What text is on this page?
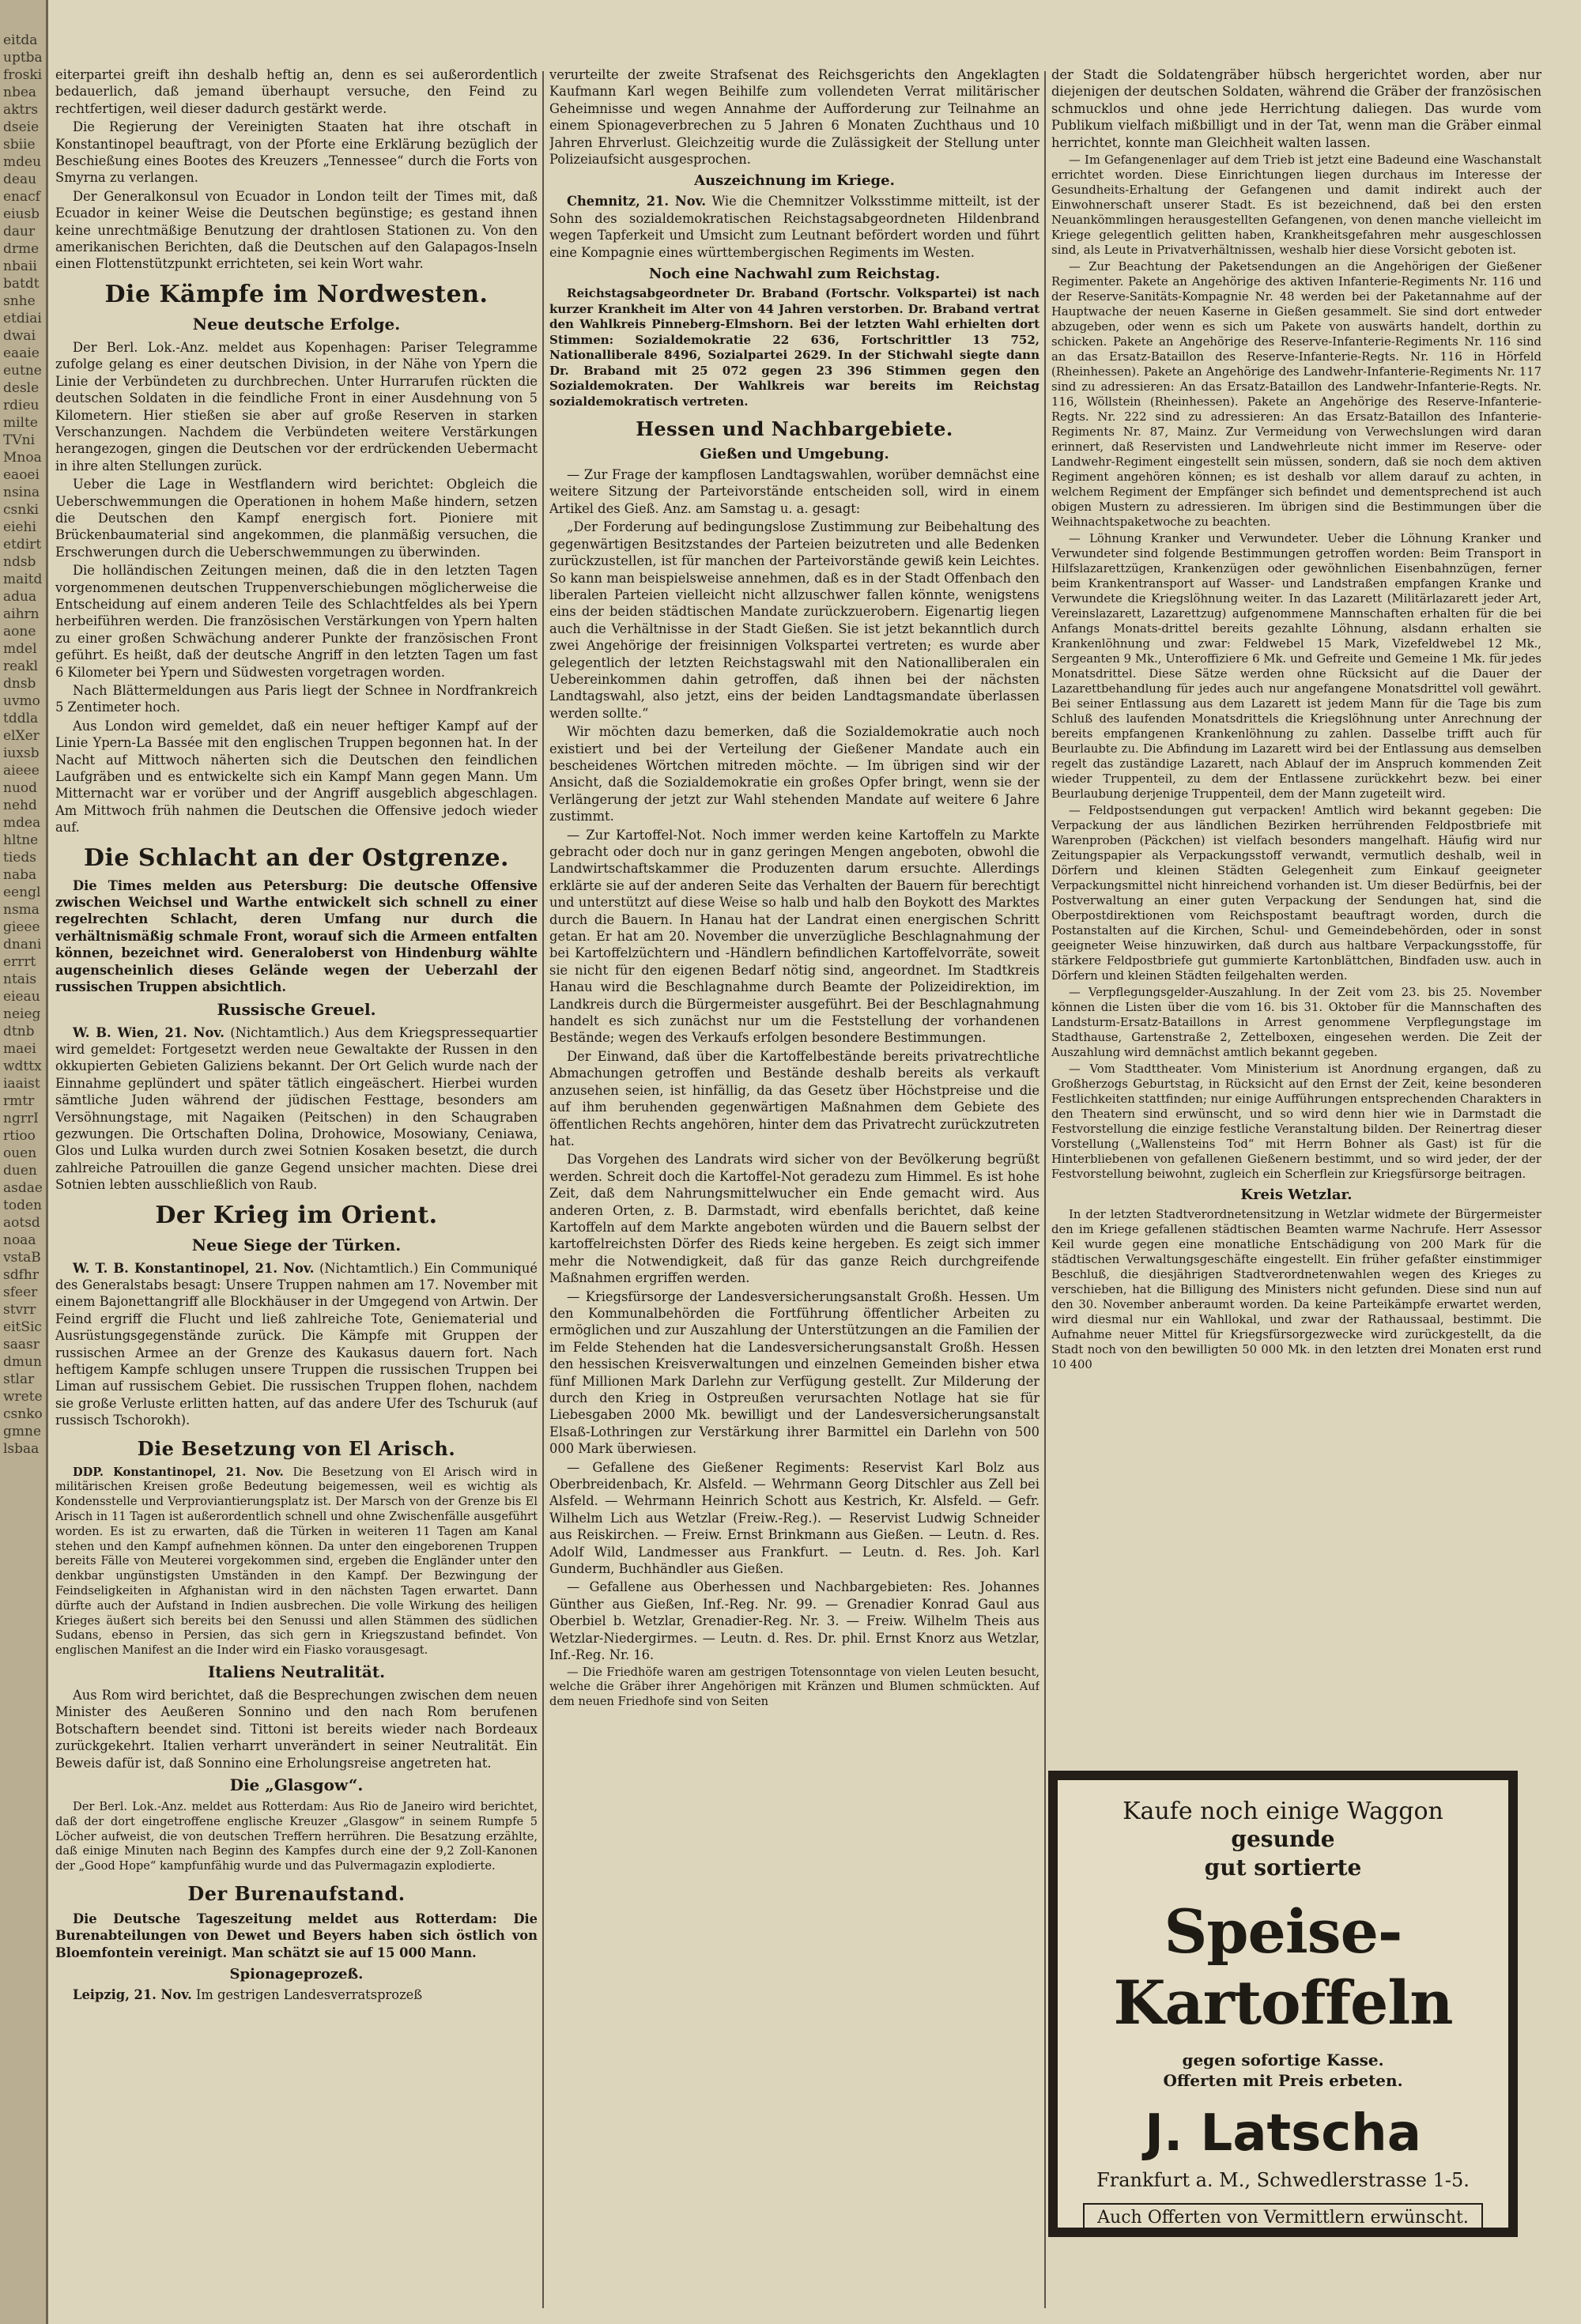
eitdauptbafroskinbeaaktrsdseiesbiiemdeudeauenacfeiusbdaurdrmenbaiibatdtsnheetdiaidwaieaaieeutnedeslerdieumilteTVniMnoaeaoeinsinacsnkieiehietdirtndsbmaitdaduaaihrnaonemdelreakldnsbuvmotddlaelXeriuxsbaieeenuodnehdmdeahltnetiedsnabaeenglnsmagieeednanierrrtntaiseieauneiegdtnbmaeiwdttxiaaistrmtrngrrIrtiooouenduenasdaetodenaotsdnoaavstaBsdfhrsfeerstvrreitSicsaasrdmunstlarwretecsnkogmnelsbaa

eiterpartei greift ihn deshalb heftig an, denn es sei außerordentlich bedauerlich, daß jemand überhaupt versuche, den Feind zu rechtfertigen, weil dieser dadurch gestärkt werde.

Die Regierung der Vereinigten Staaten hat ihre otschaft in Konstantinopel beauftragt, von der Pforte eine Erklärung bezüglich der Beschießung eines Bootes des Kreuzers „Tennessee“ durch die Forts von Smyrna zu verlangen.

Der Generalkonsul von Ecuador in London teilt der Times mit, daß Ecuador in keiner Weise die Deutschen begünstige; es gestand ihnen keine unrechtmäßige Benutzung der drahtlosen Stationen zu. Von den amerikanischen Berichten, daß die Deutschen auf den Galapagos-Inseln einen Flottenstützpunkt errichteten, sei kein Wort wahr.

Die Kämpfe im Nordwesten.
Neue deutsche Erfolge.

Der Berl. Lok.-Anz. meldet aus Kopenhagen: Pariser Telegramme zufolge gelang es einer deutschen Division, in der Nähe von Ypern die Linie der Verbündeten zu durchbrechen. Unter Hurrarufen rückten die deutschen Soldaten in die feindliche Front in einer Ausdehnung von 5 Kilometern. Hier stießen sie aber auf große Reserven in starken Verschanzungen. Nachdem die Verbündeten weitere Verstärkungen herangezogen, gingen die Deutschen vor der erdrückenden Uebermacht in ihre alten Stellungen zurück.

Ueber die Lage in Westflandern wird berichtet: Obgleich die Ueberschwemmungen die Operationen in hohem Maße hindern, setzen die Deutschen den Kampf energisch fort. Pioniere mit Brückenbaumaterial sind angekommen, die planmäßig versuchen, die Erschwerungen durch die Ueberschwemmungen zu überwinden.

Die holländischen Zeitungen meinen, daß die in den letzten Tagen vorgenommenen deutschen Truppenverschiebungen möglicherweise die Entscheidung auf einem anderen Teile des Schlachtfeldes als bei Ypern herbeiführen werden. Die französischen Verstärkungen von Ypern halten zu einer großen Schwächung anderer Punkte der französischen Front geführt. Es heißt, daß der deutsche Angriff in den letzten Tagen um fast 6 Kilometer bei Ypern und Südwesten vorgetragen worden.

Nach Blättermeldungen aus Paris liegt der Schnee in Nordfrankreich 5 Zentimeter hoch.

Aus London wird gemeldet, daß ein neuer heftiger Kampf auf der Linie Ypern-La Bassée mit den englischen Truppen begonnen hat. In der Nacht auf Mittwoch näherten sich die Deutschen den feindlichen Laufgräben und es entwickelte sich ein Kampf Mann gegen Mann. Um Mitternacht war er vorüber und der Angriff ausgeblich abgeschlagen. Am Mittwoch früh nahmen die Deutschen die Offensive jedoch wieder auf.

Die Schlacht an der Ostgrenze.

Die Times melden aus Petersburg: Die deutsche Offensive zwischen Weichsel und Warthe entwickelt sich schnell zu einer regelrechten Schlacht, deren Umfang nur durch die verhältnismäßig schmale Front, worauf sich die Armeen entfalten können, bezeichnet wird. Generaloberst von Hindenburg wählte augenscheinlich dieses Gelände wegen der Ueberzahl der russischen Truppen absichtlich.

Russische Greuel.

W. B. Wien, 21. Nov. (Nichtamtlich.) Aus dem Kriegspressequartier wird gemeldet: Fortgesetzt werden neue Gewaltakte der Russen in den okkupierten Gebieten Galiziens bekannt. Der Ort Gelich wurde nach der Einnahme geplündert und später tätlich eingeäschert. Hierbei wurden sämtliche Juden während der jüdischen Festtage, besonders am Versöhnungstage, mit Nagaiken (Peitschen) in den Schaugraben gezwungen. Die Ortschaften Dolina, Drohowice, Mosowiany, Ceniawa, Glos und Lulka wurden durch zwei Sotnien Kosaken besetzt, die durch zahlreiche Patrouillen die ganze Gegend unsicher machten. Diese drei Sotnien lebten ausschließlich von Raub.

Der Krieg im Orient.
Neue Siege der Türken.

W. T. B. Konstantinopel, 21. Nov. (Nichtamtlich.) Ein Communiqué des Generalstabs besagt: Unsere Truppen nahmen am 17. November mit einem Bajonettangriff alle Blockhäuser in der Umgegend von Artwin. Der Feind ergriff die Flucht und ließ zahlreiche Tote, Geniematerial und Ausrüstungsgegenstände zurück. Die Kämpfe mit Gruppen der russischen Armee an der Grenze des Kaukasus dauern fort. Nach heftigem Kampfe schlugen unsere Truppen die russischen Truppen bei Liman auf russischem Gebiet. Die russischen Truppen flohen, nachdem sie große Verluste erlitten hatten, auf das andere Ufer des Tschuruk (auf russisch Tschorokh).

Die Besetzung von El Arisch.

DDP. Konstantinopel, 21. Nov. Die Besetzung von El Arisch wird in militärischen Kreisen große Bedeutung beigemessen, weil es wichtig als Kondensstelle und Verproviantierungsplatz ist. Der Marsch von der Grenze bis El Arisch in 11 Tagen ist außerordentlich schnell und ohne Zwischenfälle ausgeführt worden. Es ist zu erwarten, daß die Türken in weiteren 11 Tagen am Kanal stehen und den Kampf aufnehmen können. Da unter den eingeborenen Truppen bereits Fälle von Meuterei vorgekommen sind, ergeben die Engländer unter den denkbar ungünstigsten Umständen in den Kampf. Der Bezwingung der Feindseligkeiten in Afghanistan wird in den nächsten Tagen erwartet. Dann dürfte auch der Aufstand in Indien ausbrechen. Die volle Wirkung des heiligen Krieges äußert sich bereits bei den Senussi und allen Stämmen des südlichen Sudans, ebenso in Persien, das sich gern in Kriegszustand befindet. Von englischen Manifest an die Inder wird ein Fiasko vorausgesagt.

Italiens Neutralität.

Aus Rom wird berichtet, daß die Besprechungen zwischen dem neuen Minister des Aeußeren Sonnino und den nach Rom berufenen Botschaftern beendet sind. Tittoni ist bereits wieder nach Bordeaux zurückgekehrt. Italien verharrt unverändert in seiner Neutralität. Ein Beweis dafür ist, daß Sonnino eine Erholungsreise angetreten hat.

Die „Glasgow“.

Der Berl. Lok.-Anz. meldet aus Rotterdam: Aus Rio de Janeiro wird berichtet, daß der dort eingetroffene englische Kreuzer „Glasgow“ in seinem Rumpfe 5 Löcher aufweist, die von deutschen Treffern herrühren. Die Besatzung erzählte, daß einige Minuten nach Beginn des Kampfes durch eine der 9,2 Zoll-Kanonen der „Good Hope“ kampfunfähig wurde und das Pulvermagazin explodierte.

Der Burenaufstand.

Die Deutsche Tageszeitung meldet aus Rotterdam: Die Burenabteilungen von Dewet und Beyers haben sich östlich von Bloemfontein vereinigt. Man schätzt sie auf 15 000 Mann.

Spionageprozeß.

Leipzig, 21. Nov. Im gestrigen Landesverratsprozeß

verurteilte der zweite Strafsenat des Reichsgerichts den Angeklagten Kaufmann Karl wegen Beihilfe zum vollendeten Verrat militärischer Geheimnisse und wegen Annahme der Aufforderung zur Teilnahme an einem Spionageverbrechen zu 5 Jahren 6 Monaten Zuchthaus und 10 Jahren Ehrverlust. Gleichzeitig wurde die Zulässigkeit der Stellung unter Polizeiaufsicht ausgesprochen.

Auszeichnung im Kriege.

Chemnitz, 21. Nov. Wie die Chemnitzer Volksstimme mitteilt, ist der Sohn des sozialdemokratischen Reichstagsabgeordneten Hildenbrand wegen Tapferkeit und Umsicht zum Leutnant befördert worden und führt eine Kompagnie eines württembergischen Regiments im Westen.

Noch eine Nachwahl zum Reichstag.

Reichstagsabgeordneter Dr. Braband (Fortschr. Volkspartei) ist nach kurzer Krankheit im Alter von 44 Jahren verstorben. Dr. Braband vertrat den Wahlkreis Pinneberg-Elmshorn. Bei der letzten Wahl erhielten dort Stimmen: Sozialdemokratie 22 636, Fortschrittler 13 752, Nationalliberale 8496, Sozialpartei 2629. In der Stichwahl siegte dann Dr. Braband mit 25 072 gegen 23 396 Stimmen gegen den Sozialdemokraten. Der Wahlkreis war bereits im Reichstag sozialdemokratisch vertreten.

Hessen und Nachbargebiete.
Gießen und Umgebung.

— Zur Frage der kampflosen Landtagswahlen, worüber demnächst eine weitere Sitzung der Parteivorstände entscheiden soll, wird in einem Artikel des Gieß. Anz. am Samstag u. a. gesagt:

„Der Forderung auf bedingungslose Zustimmung zur Beibehaltung des gegenwärtigen Besitzstandes der Parteien beizutreten und alle Bedenken zurückzustellen, ist für manchen der Parteivorstände gewiß kein Leichtes. So kann man beispielsweise annehmen, daß es in der Stadt Offenbach den liberalen Parteien vielleicht nicht allzuschwer fallen könnte, wenigstens eins der beiden städtischen Mandate zurückzuerobern. Eigenartig liegen auch die Verhältnisse in der Stadt Gießen. Sie ist jetzt bekanntlich durch zwei Angehörige der freisinnigen Volkspartei vertreten; es wurde aber gelegentlich der letzten Reichstagswahl mit den Nationalliberalen ein Uebereinkommen dahin getroffen, daß ihnen bei der nächsten Landtagswahl, also jetzt, eins der beiden Landtagsmandate überlassen werden sollte.“

Wir möchten dazu bemerken, daß die Sozialdemokratie auch noch existiert und bei der Verteilung der Gießener Mandate auch ein bescheidenes Wörtchen mitreden möchte. — Im übrigen sind wir der Ansicht, daß die Sozialdemokratie ein großes Opfer bringt, wenn sie der Verlängerung der jetzt zur Wahl stehenden Mandate auf weitere 6 Jahre zustimmt.

— Zur Kartoffel-Not. Noch immer werden keine Kartoffeln zu Markte gebracht oder doch nur in ganz geringen Mengen angeboten, obwohl die Landwirtschaftskammer die Produzenten darum ersuchte. Allerdings erklärte sie auf der anderen Seite das Verhalten der Bauern für berechtigt und unterstützt auf diese Weise so halb und halb den Boykott des Marktes durch die Bauern. In Hanau hat der Landrat einen energischen Schritt getan. Er hat am 20. November die unverzügliche Beschlagnahmung der bei Kartoffelzüchtern und -Händlern befindlichen Kartoffelvorräte, soweit sie nicht für den eigenen Bedarf nötig sind, angeordnet. Im Stadtkreis Hanau wird die Beschlagnahme durch Beamte der Polizeidirektion, im Landkreis durch die Bürgermeister ausgeführt. Bei der Beschlagnahmung handelt es sich zunächst nur um die Feststellung der vorhandenen Bestände; wegen des Verkaufs erfolgen besondere Bestimmungen.

Der Einwand, daß über die Kartoffelbestände bereits privatrechtliche Abmachungen getroffen und Bestände deshalb bereits als verkauft anzusehen seien, ist hinfällig, da das Gesetz über Höchstpreise und die auf ihm beruhenden gegenwärtigen Maßnahmen dem Gebiete des öffentlichen Rechts angehören, hinter dem das Privatrecht zurückzutreten hat.

Das Vorgehen des Landrats wird sicher von der Bevölkerung begrüßt werden. Schreit doch die Kartoffel-Not geradezu zum Himmel. Es ist hohe Zeit, daß dem Nahrungsmittelwucher ein Ende gemacht wird. Aus anderen Orten, z. B. Darmstadt, wird ebenfalls berichtet, daß keine Kartoffeln auf dem Markte angeboten würden und die Bauern selbst der kartoffelreichsten Dörfer des Rieds keine hergeben. Es zeigt sich immer mehr die Notwendigkeit, daß für das ganze Reich durchgreifende Maßnahmen ergriffen werden.

— Kriegsfürsorge der Landesversicherungsanstalt Großh. Hessen. Um den Kommunalbehörden die Fortführung öffentlicher Arbeiten zu ermöglichen und zur Auszahlung der Unterstützungen an die Familien der im Felde Stehenden hat die Landesversicherungsanstalt Großh. Hessen den hessischen Kreisverwaltungen und einzelnen Gemeinden bisher etwa fünf Millionen Mark Darlehn zur Verfügung gestellt. Zur Milderung der durch den Krieg in Ostpreußen verursachten Notlage hat sie für Liebesgaben 2000 Mk. bewilligt und der Landesversicherungsanstalt Elsaß-Lothringen zur Verstärkung ihrer Barmittel ein Darlehn von 500 000 Mark überwiesen.

— Gefallene des Gießener Regiments: Reservist Karl Bolz aus Oberbreidenbach, Kr. Alsfeld. — Wehrmann Georg Ditschler aus Zell bei Alsfeld. — Wehrmann Heinrich Schott aus Kestrich, Kr. Alsfeld. — Gefr. Wilhelm Lich aus Wetzlar (Freiw.-Reg.). — Reservist Ludwig Schneider aus Reiskirchen. — Freiw. Ernst Brinkmann aus Gießen. — Leutn. d. Res. Adolf Wild, Landmesser aus Frankfurt. — Leutn. d. Res. Joh. Karl Gunderm, Buchhändler aus Gießen.

— Gefallene aus Oberhessen und Nachbargebieten: Res. Johannes Günther aus Gießen, Inf.-Reg. Nr. 99. — Grenadier Konrad Gaul aus Oberbiel b. Wetzlar, Grenadier-Reg. Nr. 3. — Freiw. Wilhelm Theis aus Wetzlar-Niedergirmes. — Leutn. d. Res. Dr. phil. Ernst Knorz aus Wetzlar, Inf.-Reg. Nr. 16.

— Die Friedhöfe waren am gestrigen Totensonntage von vielen Leuten besucht, welche die Gräber ihrer Angehörigen mit Kränzen und Blumen schmückten. Auf dem neuen Friedhofe sind von Seiten

der Stadt die Soldatengräber hübsch hergerichtet worden, aber nur diejenigen der deutschen Soldaten, während die Gräber der französischen schmucklos und ohne jede Herrichtung daliegen. Das wurde vom Publikum vielfach mißbilligt und in der Tat, wenn man die Gräber einmal herrichtet, konnte man Gleichheit walten lassen.

— Im Gefangenenlager auf dem Trieb ist jetzt eine Badeund eine Waschanstalt errichtet worden. Diese Einrichtungen liegen durchaus im Interesse der Gesundheits-Erhaltung der Gefangenen und damit indirekt auch der Einwohnerschaft unserer Stadt. Es ist bezeichnend, daß bei den ersten Neuankömmlingen herausgestellten Gefangenen, von denen manche vielleicht im Kriege gelegentlich gelitten haben, Krankheitsgefahren mehr ausgeschlossen sind, als Leute in Privatverhältnissen, weshalb hier diese Vorsicht geboten ist.

— Zur Beachtung der Paketsendungen an die Angehörigen der Gießener Regimenter. Pakete an Angehörige des aktiven Infanterie-Regiments Nr. 116 und der Reserve-Sanitäts-Kompagnie Nr. 48 werden bei der Paketannahme auf der Hauptwache der neuen Kaserne in Gießen gesammelt. Sie sind dort entweder abzugeben, oder wenn es sich um Pakete von auswärts handelt, dorthin zu schicken. Pakete an Angehörige des Reserve-Infanterie-Regiments Nr. 116 sind an das Ersatz-Bataillon des Reserve-Infanterie-Regts. Nr. 116 in Hörfeld (Rheinhessen). Pakete an Angehörige des Landwehr-Infanterie-Regiments Nr. 117 sind zu adressieren: An das Ersatz-Bataillon des Landwehr-Infanterie-Regts. Nr. 116, Wöllstein (Rheinhessen). Pakete an Angehörige des Reserve-Infanterie-Regts. Nr. 222 sind zu adressieren: An das Ersatz-Bataillon des Infanterie-Regiments Nr. 87, Mainz. Zur Vermeidung von Verwechslungen wird daran erinnert, daß Reservisten und Landwehrleute nicht immer im Reserve- oder Landwehr-Regiment eingestellt sein müssen, sondern, daß sie noch dem aktiven Regiment angehören können; es ist deshalb vor allem darauf zu achten, in welchem Regiment der Empfänger sich befindet und dementsprechend ist auch obigen Mustern zu adressieren. Im übrigen sind die Bestimmungen über die Weihnachtspaketwoche zu beachten.

— Löhnung Kranker und Verwundeter. Ueber die Löhnung Kranker und Verwundeter sind folgende Bestimmungen getroffen worden: Beim Transport in Hilfslazarettzügen, Krankenzügen oder gewöhnlichen Eisenbahnzügen, ferner beim Krankentransport auf Wasser- und Landstraßen empfangen Kranke und Verwundete die Kriegslöhnung weiter. In das Lazarett (Militärlazarett jeder Art, Vereinslazarett, Lazarettzug) aufgenommene Mannschaften erhalten für die bei Anfangs Monats-drittel bereits gezahlte Löhnung, alsdann erhalten sie Krankenlöhnung und zwar: Feldwebel 15 Mark, Vizefeldwebel 12 Mk., Sergeanten 9 Mk., Unteroffiziere 6 Mk. und Gefreite und Gemeine 1 Mk. für jedes Monatsdrittel. Diese Sätze werden ohne Rücksicht auf die Dauer der Lazarettbehandlung für jedes auch nur angefangene Monatsdrittel voll gewährt. Bei seiner Entlassung aus dem Lazarett ist jedem Mann für die Tage bis zum Schluß des laufenden Monatsdrittels die Kriegslöhnung unter Anrechnung der bereits empfangenen Krankenlöhnung zu zahlen. Dasselbe trifft auch für Beurlaubte zu. Die Abfindung im Lazarett wird bei der Entlassung aus demselben regelt das zuständige Lazarett, nach Ablauf der im Anspruch kommenden Zeit wieder Truppenteil, zu dem der Entlassene zurückkehrt bezw. bei einer Beurlaubung derjenige Truppenteil, dem der Mann zugeteilt wird.

— Feldpostsendungen gut verpacken! Amtlich wird bekannt gegeben: Die Verpackung der aus ländlichen Bezirken herrührenden Feldpostbriefe mit Warenproben (Päckchen) ist vielfach besonders mangelhaft. Häufig wird nur Zeitungspapier als Verpackungsstoff verwandt, vermutlich deshalb, weil in Dörfern und kleinen Städten Gelegenheit zum Einkauf geeigneter Verpackungsmittel nicht hinreichend vorhanden ist. Um dieser Bedürfnis, bei der Postverwaltung an einer guten Verpackung der Sendungen hat, sind die Oberpostdirektionen vom Reichspostamt beauftragt worden, durch die Postanstalten auf die Kirchen, Schul- und Gemeindebehörden, oder in sonst geeigneter Weise hinzuwirken, daß durch aus haltbare Verpackungsstoffe, für stärkere Feldpostbriefe gut gummierte Kartonblättchen, Bindfaden usw. auch in Dörfern und kleinen Städten feilgehalten werden.

— Verpflegungsgelder-Auszahlung. In der Zeit vom 23. bis 25. November können die Listen über die vom 16. bis 31. Oktober für die Mannschaften des Landsturm-Ersatz-Bataillons in Arrest genommene Verpflegungstage im Stadthause, Gartenstraße 2, Zettelboxen, eingesehen werden. Die Zeit der Auszahlung wird demnächst amtlich bekannt gegeben.

— Vom Stadttheater. Vom Ministerium ist Anordnung ergangen, daß zu Großherzogs Geburtstag, in Rücksicht auf den Ernst der Zeit, keine besonderen Festlichkeiten stattfinden; nur einige Aufführungen entsprechenden Charakters in den Theatern sind erwünscht, und so wird denn hier wie in Darmstadt die Festvorstellung die einzige festliche Veranstaltung bilden. Der Reinertrag dieser Vorstellung („Wallensteins Tod“ mit Herrn Bohner als Gast) ist für die Hinterbliebenen von gefallenen Gießenern bestimmt, und so wird jeder, der der Festvorstellung beiwohnt, zugleich ein Scherflein zur Kriegsfürsorge beitragen.

Kreis Wetzlar.

In der letzten Stadtverordnetensitzung in Wetzlar widmete der Bürgermeister den im Kriege gefallenen städtischen Beamten warme Nachrufe. Herr Assessor Keil wurde gegen eine monatliche Entschädigung von 200 Mark für die städtischen Verwaltungsgeschäfte eingestellt. Ein früher gefaßter einstimmiger Beschluß, die diesjährigen Stadtverordnetenwahlen wegen des Krieges zu verschieben, hat die Billigung des Ministers nicht gefunden. Diese sind nun auf den 30. November anberaumt worden. Da keine Parteikämpfe erwartet werden, wird diesmal nur ein Wahllokal, und zwar der Rathaussaal, bestimmt. Die Aufnahme neuer Mittel für Kriegsfürsorgezwecke wird zurückgestellt, da die Stadt noch von den bewilligten 50 000 Mk. in den letzten drei Monaten erst rund 10 400

Kaufe noch einige Waggon
gesunde
gut sortierte
Speise-Kartoffeln
gegen sofortige Kasse.
Offerten mit Preis erbeten.
J. Latscha
Frankfurt a. M., Schwedlerstrasse 1-5.
Auch Offerten von Vermittlern erwünscht.
